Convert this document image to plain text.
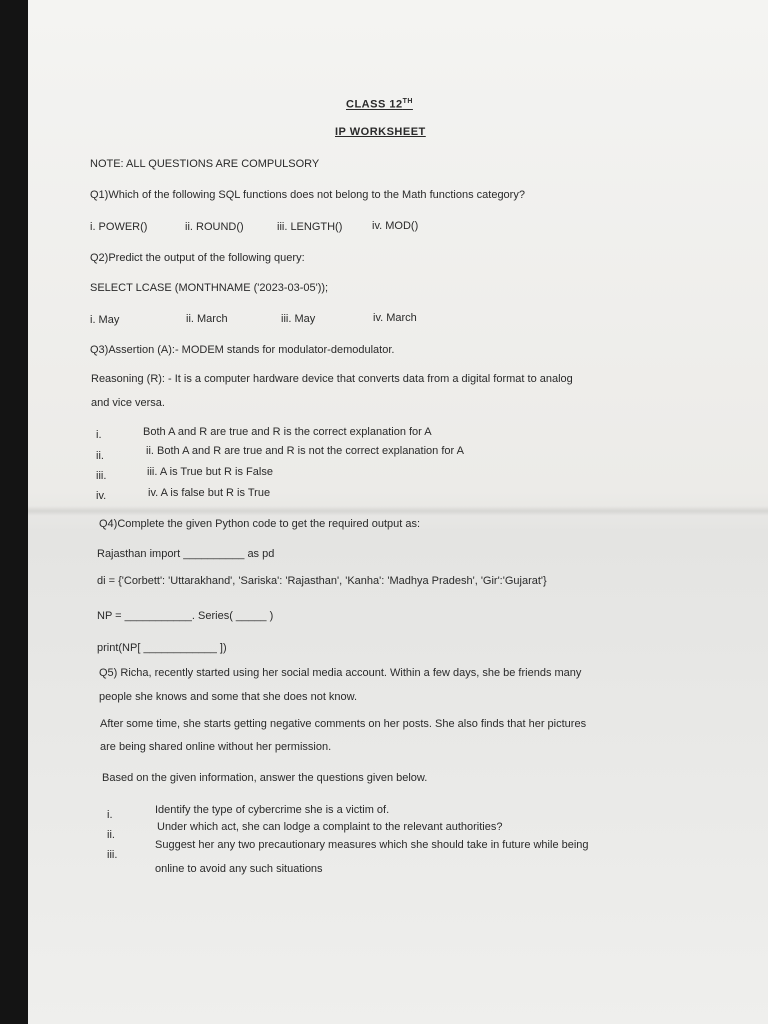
CLASS 12TH
IP WORKSHEET
NOTE: ALL QUESTIONS ARE COMPULSORY
Q1)Which of the following SQL functions does not belong to the Math functions category?
i. POWER()	ii. ROUND()	iii. LENGTH()	iv. MOD()
Q2)Predict the output of the following query:
SELECT LCASE (MONTHNAME ('2023-03-05'));
i. May	ii. March	iii. May	iv. March
Q3)Assertion (A):- MODEM stands for modulator-demodulator.
Reasoning (R): - It is a computer hardware device that converts data from a digital format to analog
and vice versa.
i.	Both A and R are true and R is the correct explanation for A
ii.	ii. Both A and R are true and R is not the correct explanation for A
iii.	iii. A is True but R is False
iv.	iv. A is false but R is True
Q4)Complete the given Python code to get the required output as:
Rajasthan import __________ as pd
di = {'Corbett': 'Uttarakhand', 'Sariska': 'Rajasthan', 'Kanha': 'Madhya Pradesh', 'Gir':'Gujarat'}
NP = ___________. Series( _____ )
print(NP[ ____________ ])
Q5) Richa, recently started using her social media account. Within a few days, she be friends many
people she knows and some that she does not know.
After some time, she starts getting negative comments on her posts. She also finds that her pictures
are being shared online without her permission.
Based on the given information, answer the questions given below.
i.	Identify the type of cybercrime she is a victim of.
ii.
Under which act, she can lodge a complaint to the relevant authorities?
iii.
Suggest her any two precautionary measures which she should take in future while being
online to avoid any such situations
